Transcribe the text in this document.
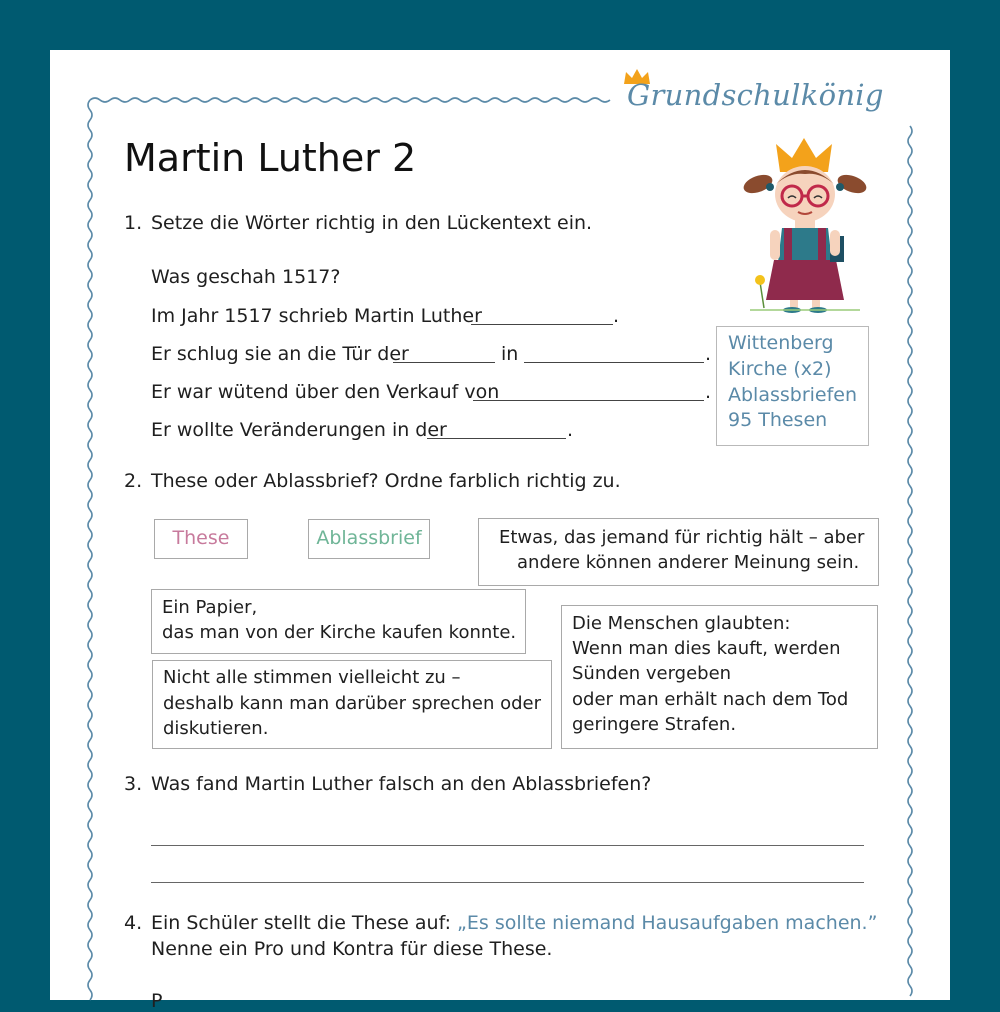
Grundschulkönig
Martin Luther 2
1. Setze die Wörter richtig in den Lückentext ein.
Was geschah 1517?
Im Jahr 1517 schrieb Martin Luther	.
Er schlug sie an die Tür der	in	.
Er war wütend über den Verkauf von	.
Er wollte Veränderungen in der	.
Wittenberg
Kirche (x2)
Ablassbriefen
95 Thesen
2. These oder Ablassbrief? Ordne farblich richtig zu.
These	Ablassbrief	Etwas, das jemand für richtig hält – aber
andere können anderer Meinung sein.
Ein Papier,
das man von der Kirche kaufen konnte.	Die Menschen glaubten:
Wenn man dies kauft, werden
Sünden vergeben
oder man erhält nach dem Tod
geringere Strafen.
Nicht alle stimmen vielleicht zu –
deshalb kann man darüber sprechen oder
diskutieren.
3. Was fand Martin Luther falsch an den Ablassbriefen?
4. Ein Schüler stellt die These auf: „Es sollte niemand Hausaufgaben machen.”
Nenne ein Pro und Kontra für diese These.
P
